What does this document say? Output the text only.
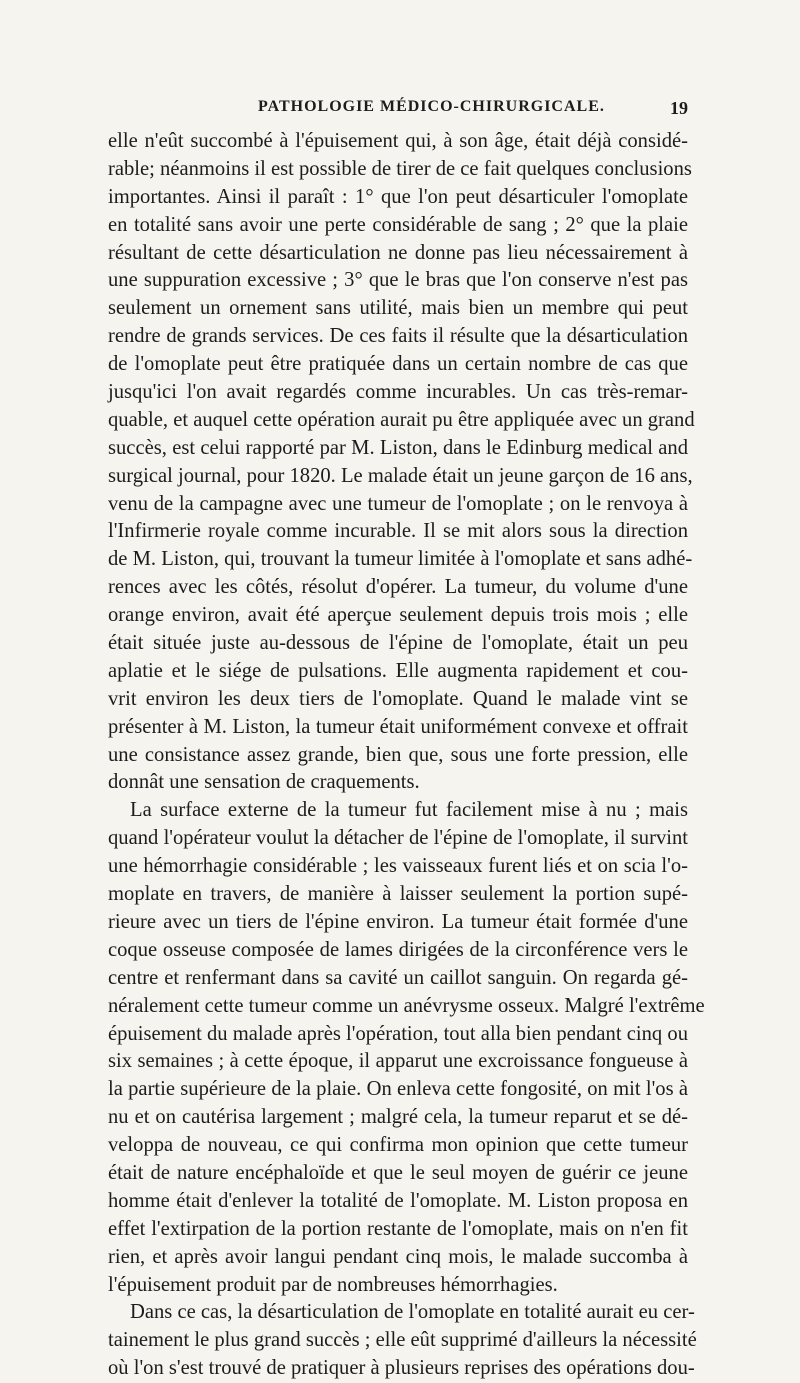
PATHOLOGIE MÉDICO-CHIRURGICALE.	19
elle n'eût succombé à l'épuisement qui, à son âge, était déjà considé-
rable; néanmoins il est possible de tirer de ce fait quelques conclusions
importantes. Ainsi il paraît : 1° que l'on peut désarticuler l'omoplate
en totalité sans avoir une perte considérable de sang ; 2° que la plaie
résultant de cette désarticulation ne donne pas lieu nécessairement à
une suppuration excessive ; 3° que le bras que l'on conserve n'est pas
seulement un ornement sans utilité, mais bien un membre qui peut
rendre de grands services. De ces faits il résulte que la désarticulation
de l'omoplate peut être pratiquée dans un certain nombre de cas que
jusqu'ici l'on avait regardés comme incurables. Un cas très-remar-
quable, et auquel cette opération aurait pu être appliquée avec un grand
succès, est celui rapporté par M. Liston, dans le Edinburg medical and
surgical journal, pour 1820. Le malade était un jeune garçon de 16 ans,
venu de la campagne avec une tumeur de l'omoplate ; on le renvoya à
l'Infirmerie royale comme incurable. Il se mit alors sous la direction
de M. Liston, qui, trouvant la tumeur limitée à l'omoplate et sans adhé-
rences avec les côtés, résolut d'opérer. La tumeur, du volume d'une
orange environ, avait été aperçue seulement depuis trois mois ; elle
était située juste au-dessous de l'épine de l'omoplate, était un peu
aplatie et le siége de pulsations. Elle augmenta rapidement et cou-
vrit environ les deux tiers de l'omoplate. Quand le malade vint se
présenter à M. Liston, la tumeur était uniformément convexe et offrait
une consistance assez grande, bien que, sous une forte pression, elle
donnât une sensation de craquements.
La surface externe de la tumeur fut facilement mise à nu ; mais
quand l'opérateur voulut la détacher de l'épine de l'omoplate, il survint
une hémorrhagie considérable ; les vaisseaux furent liés et on scia l'o-
moplate en travers, de manière à laisser seulement la portion supé-
rieure avec un tiers de l'épine environ. La tumeur était formée d'une
coque osseuse composée de lames dirigées de la circonférence vers le
centre et renfermant dans sa cavité un caillot sanguin. On regarda gé-
néralement cette tumeur comme un anévrysme osseux. Malgré l'extrême
épuisement du malade après l'opération, tout alla bien pendant cinq ou
six semaines ; à cette époque, il apparut une excroissance fongueuse à
la partie supérieure de la plaie. On enleva cette fongosité, on mit l'os à
nu et on cautérisa largement ; malgré cela, la tumeur reparut et se dé-
veloppa de nouveau, ce qui confirma mon opinion que cette tumeur
était de nature encéphaloïde et que le seul moyen de guérir ce jeune
homme était d'enlever la totalité de l'omoplate. M. Liston proposa en
effet l'extirpation de la portion restante de l'omoplate, mais on n'en fit
rien, et après avoir langui pendant cinq mois, le malade succomba à
l'épuisement produit par de nombreuses hémorrhagies.
Dans ce cas, la désarticulation de l'omoplate en totalité aurait eu cer-
tainement le plus grand succès ; elle eût supprimé d'ailleurs la nécessité
où l'on s'est trouvé de pratiquer à plusieurs reprises des opérations dou-
